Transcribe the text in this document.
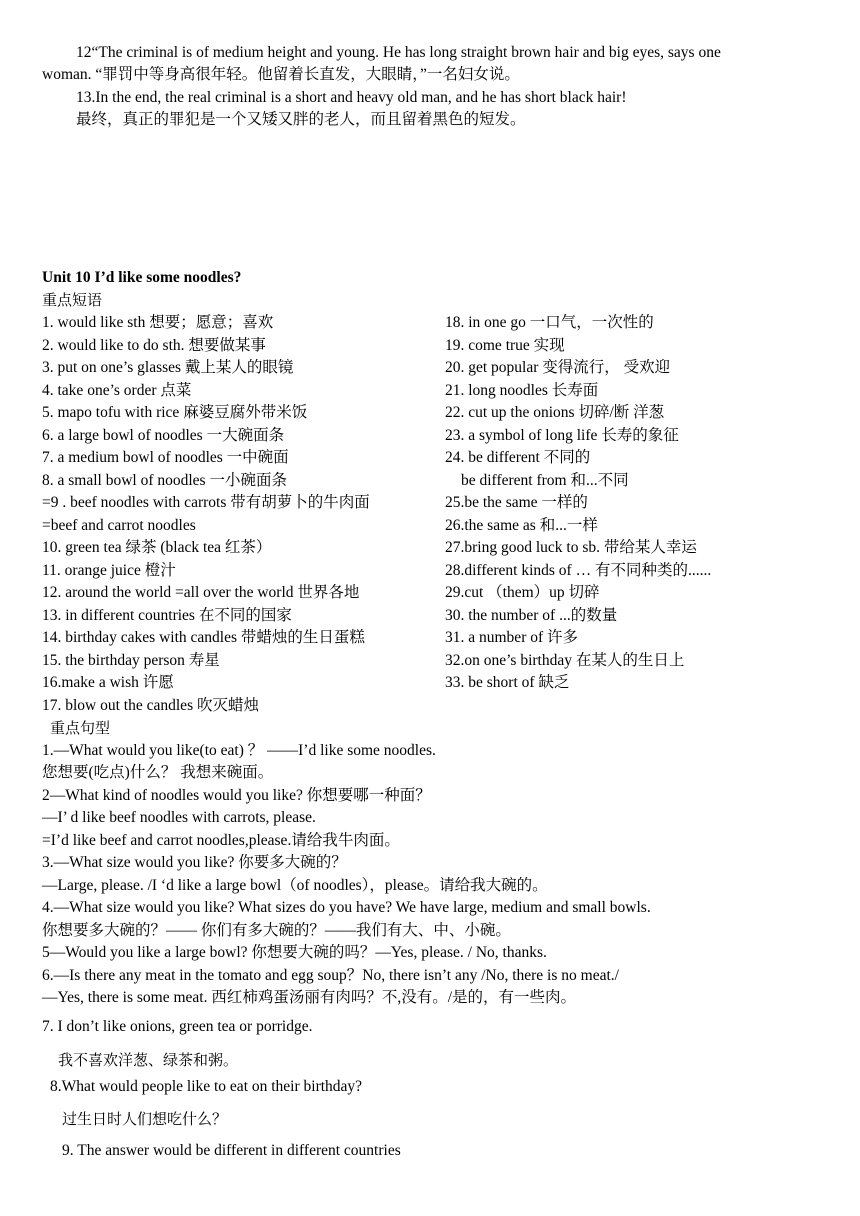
12“The criminal is of medium height and young. He has long straight brown hair and big eyes, says one
woman. “罪罚中等身高很年轻。他留着长直发，大眼睛，”一名妇女说。
13.In the end, the real criminal is a short and heavy old man, and he has short black hair!
最终，真正的罪犯是一个又矮又胖的老人，而且留着黑色的短发。
Unit 10 I’d like some noodles?
重点短语
1. would like sth 想要；愿意；喜欢
2. would like to do sth. 想要做某事
3. put on one’s glasses 戴上某人的眼镜
4. take one’s order 点菜
5. mapo tofu with rice 麻婆豆腐外带米饭
6. a large bowl of noodles 一大碗面条
7. a medium bowl of noodles 一中碗面
8. a small bowl of noodles 一小碗面条
=9 . beef noodles with carrots 带有胡萝卜的牛肉面
=beef and carrot noodles
10. green tea 绿茶 (black tea 红茶）
11. orange juice 橙汁
12. around the world =all over the world 世界各地
13. in different countries 在不同的国家
14. birthday cakes with candles 带蜡烛的生日蛋糕
15. the birthday person 寿星
16.make a wish 许愿
17. blow out the candles 吹灭蜡烛
18. in one go 一口气，一次性的
19. come true 实现
20. get popular 变得流行， 受欢迎
21. long noodles 长寿面
22. cut up the onions 切碎/断 洋葱
23. a symbol of long life 长寿的象征
24. be different 不同的
be different from 和...不同
25.be the same 一样的
26.the same as 和...一样
27.bring good luck to sb. 带给某人幸运
28.different kinds of … 有不同种类的......
29.cut （them）up 切碎
30. the number of ...的数量
31. a number of 许多
32.on one’s birthday 在某人的生日上
33. be short of 缺乏
重点句型
1.—What would you like(to eat) ？ ——I’d like some noodles.
您想要(吃点)什么？ 我想来碗面。
2—What kind of noodles would you like? 你想要哪一种面？
—I’ d like beef noodles with carrots, please.
=I’d like beef and carrot noodles,please.请给我牛肉面。
3.—What size would you like? 你要多大碗的？
—Large, please. /I ‘d like a large bowl（of noodles），please。请给我大碗的。
4.—What size would you like? What sizes do you have? We have large, medium and small bowls.
你想要多大碗的？—— 你们有多大碗的？——我们有大、中、小碗。
5—Would you like a large bowl? 你想要大碗的吗？—Yes, please. / No, thanks.
6.—Is there any meat in the tomato and egg soup？No, there isn’t any /No, there is no meat./
—Yes, there is some meat. 西红柿鸡蛋汤丽有肉吗？不,没有。/是的，有一些肉。
7. I don’t like onions, green tea or porridge.
我不喜欢洋葱、绿茶和粥。
8.What would people like to eat on their birthday?
过生日时人们想吃什么？
9. The answer would be different in different countries
